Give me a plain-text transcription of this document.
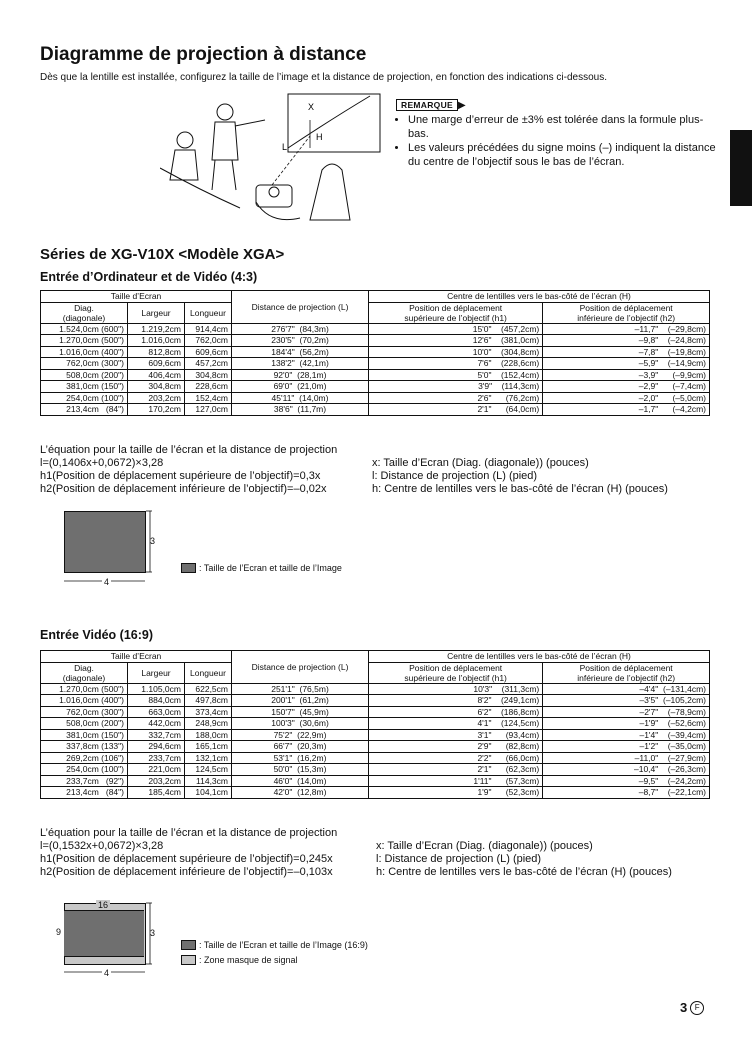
Diagramme de projection à distance
Dès que la lentille est installée, configurez la taille de l’image et la distance de projection, en fonction des indications ci-dessous.
X
H
L
REMARQUE ▶
• Une marge d’erreur de ±3% est tolérée dans la formule plus-bas.
• Les valeurs précédées du signe moins (–) indiquent la distance du centre de l’objectif sous le bas de l’écran.
Séries de XG-V10X <Modèle XGA>
Entrée d’Ordinateur et de Vidéo (4:3)
Taille d’Ecran			Distance de projection (L)	Centre de lentilles vers le bas-côté de l’écran (H)	
Diag.
(diagonale)	Largeur	Longueur		Position de déplacement
supérieure de l’objectif (h1)	Position de déplacement
inférieure de l’objectif (h2)
1.524,0cm (600")	1.219,2cm	914,4cm	276'7"  (84,3m)	15'0"    (457,2cm)	–11,7"    (–29,8cm)
1.270,0cm (500")	1.016,0cm	762,0cm	230'5"  (70,2m)	12'6"    (381,0cm)	–9,8"    (–24,8cm)
1.016,0cm (400")	812,8cm	609,6cm	184'4"  (56,2m)	10'0"    (304,8cm)	–7,8"    (–19,8cm)
762,0cm (300")	609,6cm	457,2cm	138'2"  (42,1m)	7'6"    (228,6cm)	–5,9"    (–14,9cm)
508,0cm (200")	406,4cm	304,8cm	92'0"  (28,1m)	5'0"    (152,4cm)	–3,9"      (–9,9cm)
381,0cm (150")	304,8cm	228,6cm	69'0"  (21,0m)	3'9"    (114,3cm)	–2,9"      (–7,4cm)
254,0cm (100")	203,2cm	152,4cm	45'11"  (14,0m)	2'6"      (76,2cm)	–2,0"      (–5,0cm)
213,4cm   (84")	170,2cm	127,0cm	38'6"  (11,7m)	2'1"      (64,0cm)	–1,7"      (–4,2cm)
L’équation pour la taille de l’écran et la distance de projection
l=(0,1406x+0,0672)×3,28
h1(Position de déplacement supérieure de l’objectif)=0,3x
h2(Position de déplacement inférieure de l’objectif)=–0,02x
x: Taille d’Ecran (Diag. (diagonale)) (pouces)
l: Distance de projection (L) (pied)
h: Centre de lentilles vers le bas-côté de l’écran (H) (pouces)
3
4
: Taille de l’Ecran et taille de l’Image
Entrée Vidéo (16:9)
Taille d’Ecran			Distance de projection (L)	Centre de lentilles vers le bas-côté de l’écran (H)	
Diag.
(diagonale)	Largeur	Longueur		Position de déplacement
supérieure de l’objectif (h1)	Position de déplacement
inférieure de l’objectif (h2)
1.270,0cm (500")	1.105,0cm	622,5cm	251'1"  (76,5m)	10'3"    (311,3cm)	–4'4"  (–131,4cm)
1.016,0cm (400")	884,0cm	497,8cm	200'1"  (61,2m)	8'2"    (249,1cm)	–3'5"  (–105,2cm)
762,0cm (300")	663,0cm	373,4cm	150'7"  (45,9m)	6'2"    (186,8cm)	–2'7"    (–78,9cm)
508,0cm (200")	442,0cm	248,9cm	100'3"  (30,6m)	4'1"    (124,5cm)	–1'9"    (–52,6cm)
381,0cm (150")	332,7cm	188,0cm	75'2"  (22,9m)	3'1"      (93,4cm)	–1'4"    (–39,4cm)
337,8cm (133")	294,6cm	165,1cm	66'7"  (20,3m)	2'9"      (82,8cm)	–1'2"    (–35,0cm)
269,2cm (106")	233,7cm	132,1cm	53'1"  (16,2m)	2'2"      (66,0cm)	–11,0"    (–27,9cm)
254,0cm (100")	221,0cm	124,5cm	50'0"  (15,3m)	2'1"      (62,3cm)	–10,4"    (–26,3cm)
233,7cm   (92")	203,2cm	114,3cm	46'0"  (14,0m)	1'11"      (57,3cm)	–9,5"    (–24,2cm)
213,4cm   (84")	185,4cm	104,1cm	42'0"  (12,8m)	1'9"      (52,3cm)	–8,7"    (–22,1cm)
L’équation pour la taille de l’écran et la distance de projection
l=(0,1532x+0,0672)×3,28
h1(Position de déplacement supérieure de l’objectif)=0,245x
h2(Position de déplacement inférieure de l’objectif)=–0,103x
x: Taille d’Ecran (Diag. (diagonale)) (pouces)
l: Distance de projection (L) (pied)
h: Centre de lentilles vers le bas-côté de l’écran (H) (pouces)
16
9	3
4
: Taille de l’Ecran et taille de l’Image (16:9)
: Zone masque de signal
3 F
